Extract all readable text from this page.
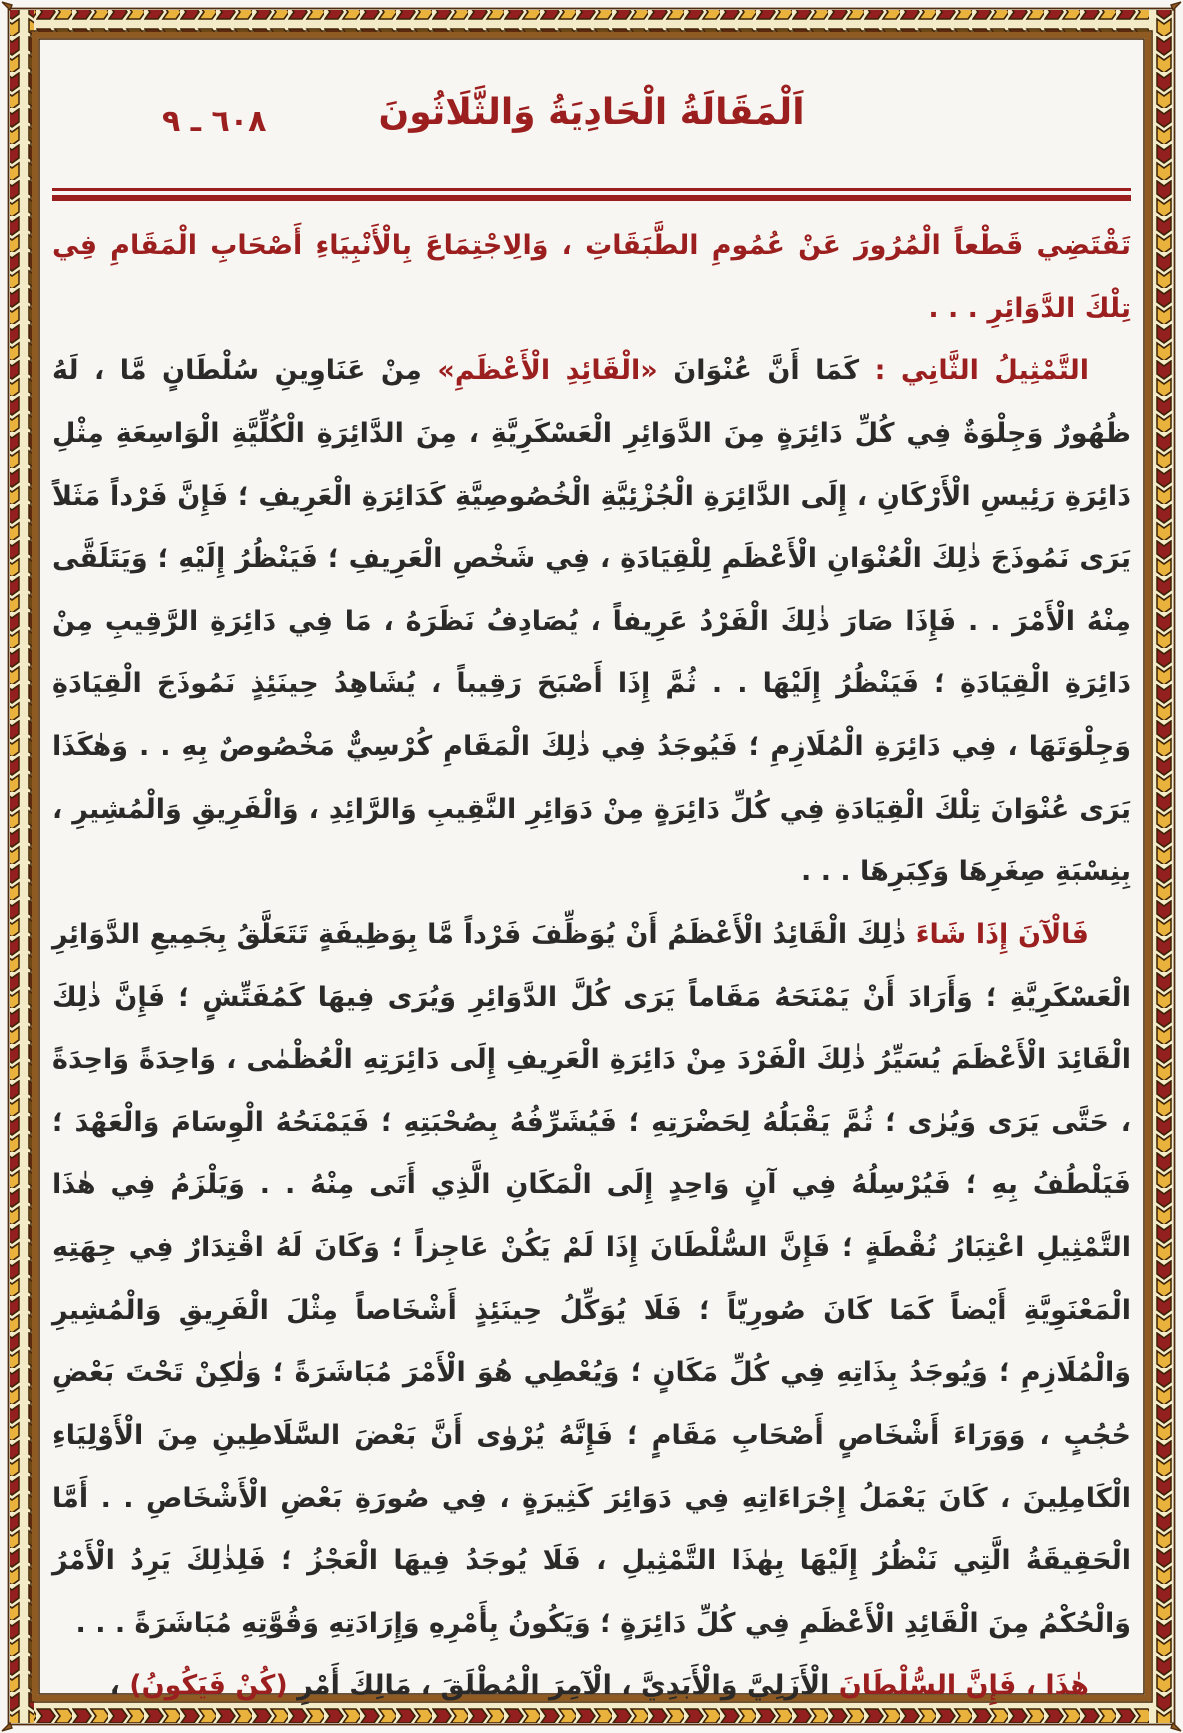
٦٠٨ ـ ٩	اَلْمَقَالَةُ الْحَادِيَةُ وَالثَّلَاثُونَ

تَقْتَضِي قَطْعاً الْمُرُورَ عَنْ عُمُومِ الطَّبَقَاتِ ، وَالِاجْتِمَاعَ بِالْأَنْبِيَاءِ أَصْحَابِ الْمَقَامِ فِي تِلْكَ الدَّوَائِرِ . . .

التَّمْثِيلُ الثَّانِي : كَمَا أَنَّ عُنْوَانَ «الْقَائِدِ الْأَعْظَمِ» مِنْ عَنَاوِينِ سُلْطَانٍ مَّا ، لَهُ ظُهُورٌ وَجِلْوَةٌ فِي كُلِّ دَائِرَةٍ مِنَ الدَّوَائِرِ الْعَسْكَرِيَّةِ ، مِنَ الدَّائِرَةِ الْكُلِّيَّةِ الْوَاسِعَةِ مِثْلِ دَائِرَةِ رَئِيسِ الْأَرْكَانِ ، إِلَى الدَّائِرَةِ الْجُزْئِيَّةِ الْخُصُوصِيَّةِ كَدَائِرَةِ الْعَرِيفِ ؛ فَإِنَّ فَرْداً مَثَلاً يَرَى نَمُوذَجَ ذٰلِكَ الْعُنْوَانِ الْأَعْظَمِ لِلْقِيَادَةِ ، فِي شَخْصِ الْعَرِيفِ ؛ فَيَنْظُرُ إِلَيْهِ ؛ وَيَتَلَقَّى مِنْهُ الْأَمْرَ . . فَإِذَا صَارَ ذٰلِكَ الْفَرْدُ عَرِيفاً ، يُصَادِفُ نَظَرَهُ ، مَا فِي دَائِرَةِ الرَّقِيبِ مِنْ دَائِرَةِ الْقِيَادَةِ ؛ فَيَنْظُرُ إِلَيْهَا . . ثُمَّ إِذَا أَصْبَحَ رَقِيباً ، يُشَاهِدُ حِينَئِذٍ نَمُوذَجَ الْقِيَادَةِ وَجِلْوَتَهَا ، فِي دَائِرَةِ الْمُلَازِمِ ؛ فَيُوجَدُ فِي ذٰلِكَ الْمَقَامِ كُرْسِيٌّ مَخْصُوصٌ بِهِ . . وَهٰكَذَا يَرَى عُنْوَانَ تِلْكَ الْقِيَادَةِ فِي كُلِّ دَائِرَةٍ مِنْ دَوَائِرِ النَّقِيبِ وَالرَّائِدِ ، وَالْفَرِيقِ وَالْمُشِيرِ ، بِنِسْبَةِ صِغَرِهَا وَكِبَرِهَا . . .

فَالْآنَ إِذَا شَاءَ ذٰلِكَ الْقَائِدُ الْأَعْظَمُ أَنْ يُوَظِّفَ فَرْداً مَّا بِوَظِيفَةٍ تَتَعَلَّقُ بِجَمِيعِ الدَّوَائِرِ الْعَسْكَرِيَّةِ ؛ وَأَرَادَ أَنْ يَمْنَحَهُ مَقَاماً يَرَى كُلَّ الدَّوَائِرِ وَيُرَى فِيهَا كَمُفَتِّشٍ ؛ فَإِنَّ ذٰلِكَ الْقَائِدَ الْأَعْظَمَ يُسَيِّرُ ذٰلِكَ الْفَرْدَ مِنْ دَائِرَةِ الْعَرِيفِ إِلَى دَائِرَتِهِ الْعُظْمٰى ، وَاحِدَةً وَاحِدَةً ، حَتَّى يَرَى وَيُرٰى ؛ ثُمَّ يَقْبَلُهُ لِحَضْرَتِهِ ؛ فَيُشَرِّفُهُ بِصُحْبَتِهِ ؛ فَيَمْنَحُهُ الْوِسَامَ وَالْعَهْدَ ؛ فَيَلْطُفُ بِهِ ؛ فَيُرْسِلُهُ فِي آنٍ وَاحِدٍ إِلَى الْمَكَانِ الَّذِي أَتَى مِنْهُ . . وَيَلْزَمُ فِي هٰذَا التَّمْثِيلِ اعْتِبَارُ نُقْطَةٍ ؛ فَإِنَّ السُّلْطَانَ إِذَا لَمْ يَكُنْ عَاجِزاً ؛ وَكَانَ لَهُ اقْتِدَارٌ فِي جِهَتِهِ الْمَعْنَوِيَّةِ أَيْضاً كَمَا كَانَ صُورِيّاً ؛ فَلَا يُوَكِّلُ حِينَئِذٍ أَشْخَاصاً مِثْلَ الْفَرِيقِ وَالْمُشِيرِ وَالْمُلَازِمِ ؛ وَيُوجَدُ بِذَاتِهِ فِي كُلِّ مَكَانٍ ؛ وَيُعْطِي هُوَ الْأَمْرَ مُبَاشَرَةً ؛ وَلٰكِنْ تَحْتَ بَعْضِ حُجُبٍ ، وَوَرَاءَ أَشْخَاصٍ أَصْحَابِ مَقَامٍ ؛ فَإِنَّهُ يُرْوٰى أَنَّ بَعْضَ السَّلَاطِينِ مِنَ الْأَوْلِيَاءِ الْكَامِلِينَ ، كَانَ يَعْمَلُ إِجْرَاءَاتِهِ فِي دَوَائِرَ كَثِيرَةٍ ، فِي صُورَةِ بَعْضِ الْأَشْخَاصِ . . أَمَّا الْحَقِيقَةُ الَّتِي نَنْظُرُ إِلَيْهَا بِهٰذَا التَّمْثِيلِ ، فَلَا يُوجَدُ فِيهَا الْعَجْزُ ؛ فَلِذٰلِكَ يَرِدُ الْأَمْرُ وَالْحُكْمُ مِنَ الْقَائِدِ الْأَعْظَمِ فِي كُلِّ دَائِرَةٍ ؛ وَيَكُونُ بِأَمْرِهِ وَإِرَادَتِهِ وَقُوَّتِهِ مُبَاشَرَةً . . .

هٰذَا ، فَإِنَّ السُّلْطَانَ الْأَزَلِيَّ وَالْأَبَدِيَّ ، الْآمِرَ الْمُطْلَقَ ، مَالِكَ أَمْرِ (كُنْ فَيَكُونُ) ،
